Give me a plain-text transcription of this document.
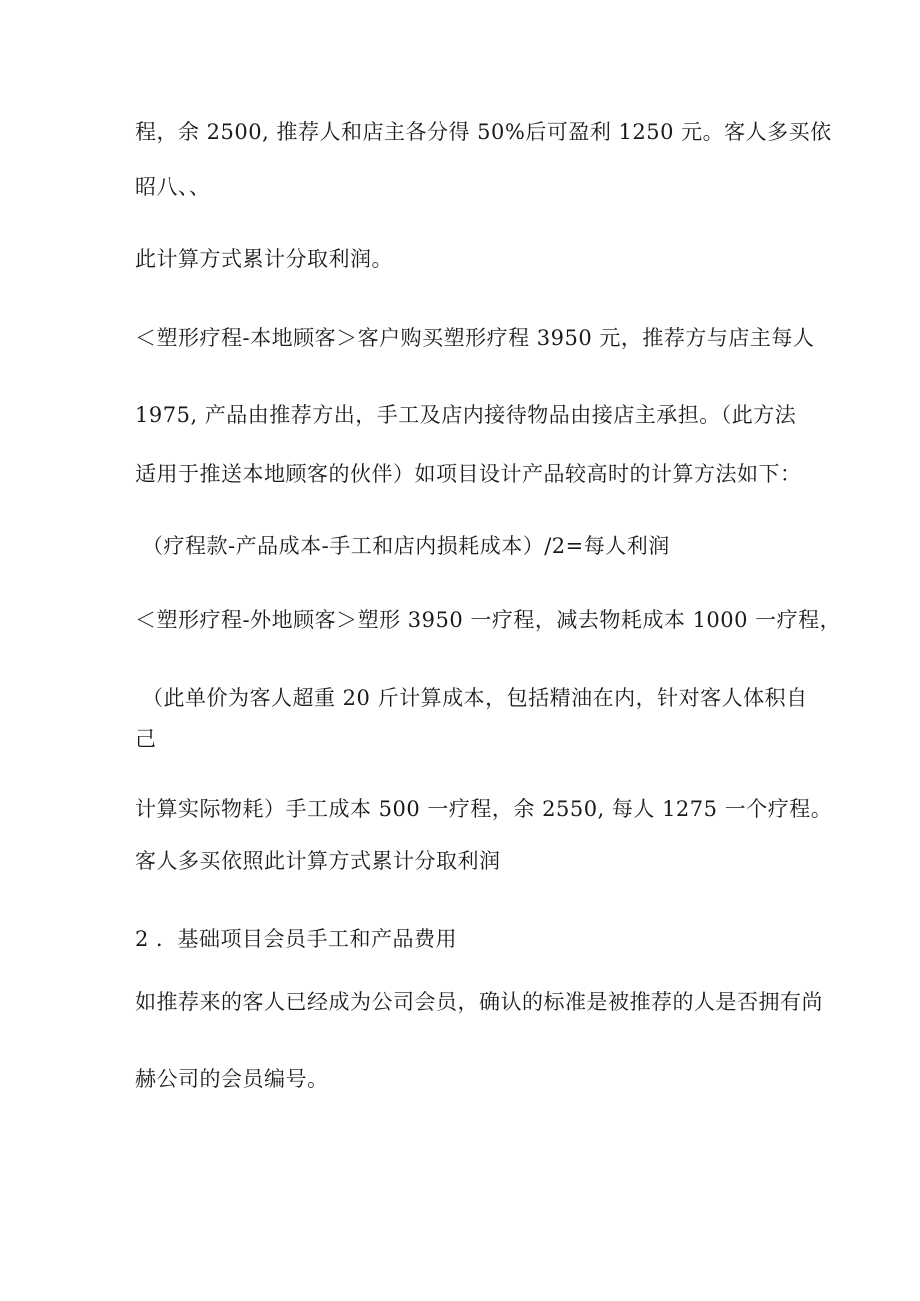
程，余 2500, 推荐人和店主各分得 50%后可盈利 1250 元。客人多买依
昭八、、
此计算方式累计分取利润。
＜塑形疗程-本地顾客＞客户购买塑形疗程 3950 元，推荐方与店主每人
1975, 产品由推荐方出，手工及店内接待物品由接店主承担。（此方法
适用于推送本地顾客的伙伴）如项目设计产品较高时的计算方法如下：
（疗程款-产品成本-手工和店内损耗成本）/2=每人利润
＜塑形疗程-外地顾客＞塑形 3950 一疗程，减去物耗成本 1000 一疗程，
（此单价为客人超重 20 斤计算成本，包括精油在内，针对客人体积自
己
计算实际物耗）手工成本 500 一疗程，余 2550, 每人 1275 一个疗程。
客人多买依照此计算方式累计分取利润
2 ．基础项目会员手工和产品费用
如推荐来的客人已经成为公司会员，确认的标准是被推荐的人是否拥有尚
赫公司的会员编号。
